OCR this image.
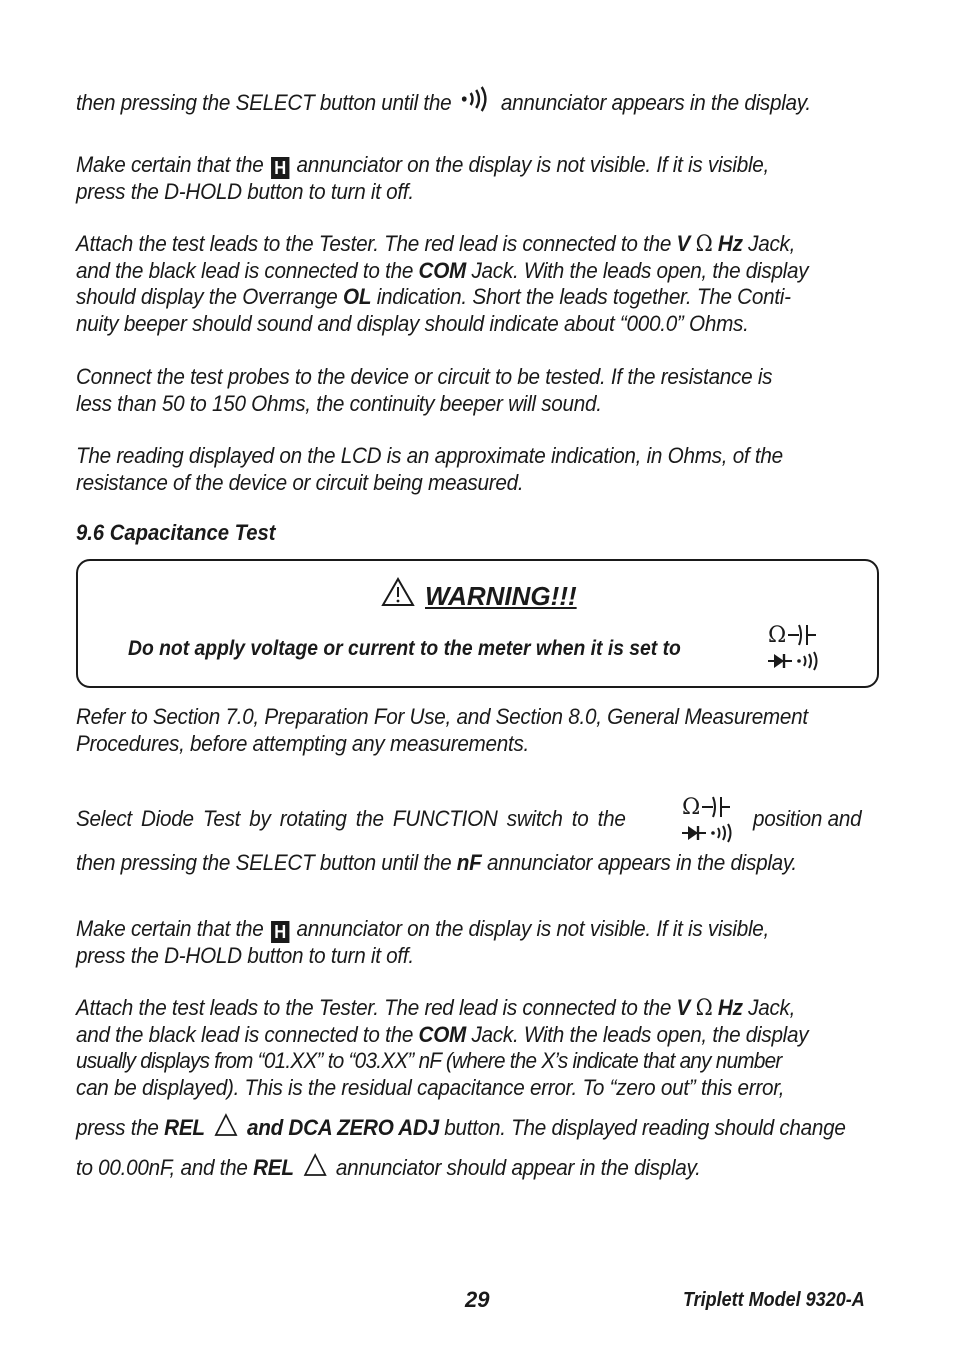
then pressing the SELECT button until the annunciator appears in the display.
Make certain that the H annunciator on the display is not visible. If it is visible,
press the D-HOLD button to turn it off.
Attach the test leads to the Tester. The red lead is connected to the V Ω Hz Jack,
and the black lead is connected to the COM Jack. With the leads open, the display
should display the Overrange OL indication. Short the leads together. The Conti-
nuity beeper should sound and display should indicate about “000.0” Ohms.
Connect the test probes to the device or circuit to be tested. If the resistance is
less than 50 to 150 Ohms, the continuity beeper will sound.
The reading displayed on the LCD is an approximate indication, in Ohms, of the
resistance of the device or circuit being measured.
9.6 Capacitance Test
WARNING!!!
Do not apply voltage or current to the meter when it is set to
Ω
Refer to Section 7.0, Preparation For Use, and Section 8.0, General Measurement
Procedures, before attempting any measurements.
Select Diode Test by rotating the FUNCTION switch to the	Ω position and
then pressing the SELECT button until the nF annunciator appears in the display.
Make certain that the H annunciator on the display is not visible. If it is visible,
press the D-HOLD button to turn it off.
Attach the test leads to the Tester. The red lead is connected to the V Ω Hz Jack,
and the black lead is connected to the COM Jack. With the leads open, the display
usually displays from “01.XX” to “03.XX” nF (where the X’s indicate that any number
can be displayed). This is the residual capacitance error. To “zero out” this error,
press the REL and DCA ZERO ADJ button. The displayed reading should change
to 00.00nF, and the REL annunciator should appear in the display.
29	Triplett Model 9320-A
